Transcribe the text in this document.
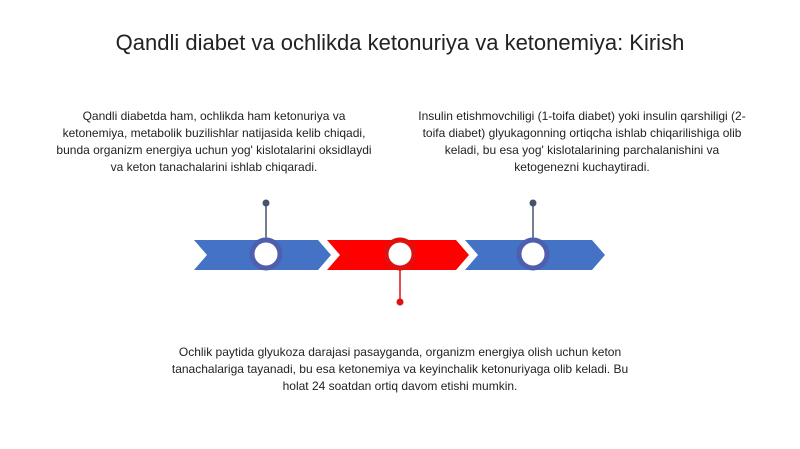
Qandli diabet va ochlikda ketonuriya va ketonemiya: Kirish
Qandli diabetda ham, ochlikda ham ketonuriya va ketonemiya, metabolik buzilishlar natijasida kelib chiqadi, bunda organizm energiya uchun yog' kislotalarini oksidlaydi va keton tanachalarini ishlab chiqaradi.
Insulin etishmovchiligi (1-toifa diabet) yoki insulin qarshiligi (2-toifa diabet) glyukagonning ortiqcha ishlab chiqarilishiga olib keladi, bu esa yog' kislotalarining parchalanishini va ketogenezni kuchaytiradi.
Ochlik paytida glyukoza darajasi pasayganda, organizm energiya olish uchun keton tanachalariga tayanadi, bu esa ketonemiya va keyinchalik ketonuriyaga olib keladi. Bu holat 24 soatdan ortiq davom etishi mumkin.
